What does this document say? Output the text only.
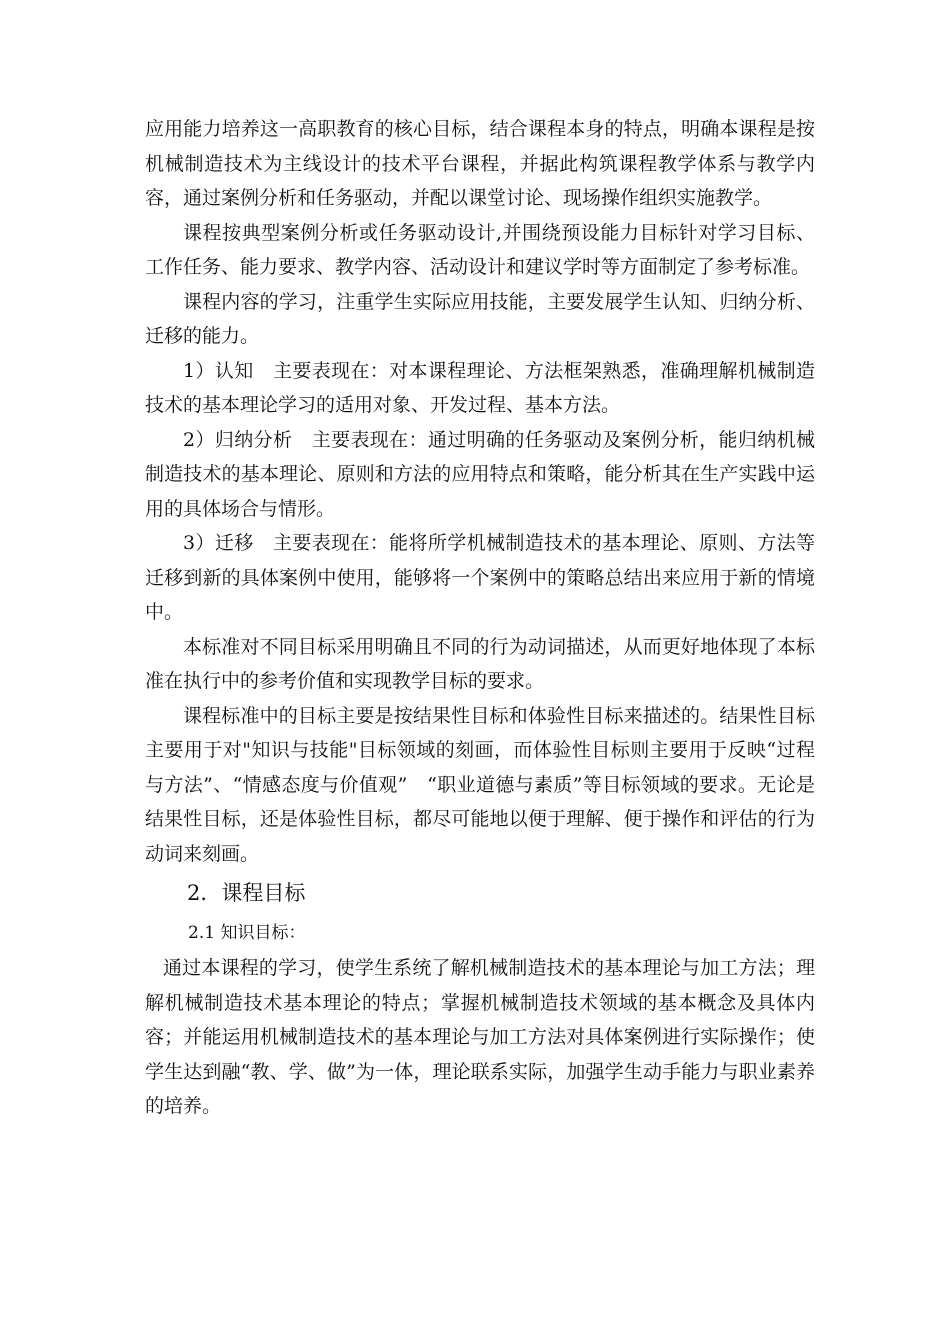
应用能力培养这一高职教育的核心目标，结合课程本身的特点，明确本课程是按机械制造技术为主线设计的技术平台课程，并据此构筑课程教学体系与教学内容，通过案例分析和任务驱动，并配以课堂讨论、现场操作组织实施教学。

课程按典型案例分析或任务驱动设计,并围绕预设能力目标针对学习目标、工作任务、能力要求、教学内容、活动设计和建议学时等方面制定了参考标准。

课程内容的学习，注重学生实际应用技能，主要发展学生认知、归纳分析、迁移的能力。

1）认知　主要表现在：对本课程理论、方法框架熟悉，准确理解机械制造技术的基本理论学习的适用对象、开发过程、基本方法。

2）归纳分析　主要表现在：通过明确的任务驱动及案例分析，能归纳机械制造技术的基本理论、原则和方法的应用特点和策略，能分析其在生产实践中运用的具体场合与情形。

3）迁移　主要表现在：能将所学机械制造技术的基本理论、原则、方法等迁移到新的具体案例中使用，能够将一个案例中的策略总结出来应用于新的情境中。

本标准对不同目标采用明确且不同的行为动词描述，从而更好地体现了本标准在执行中的参考价值和实现教学目标的要求。

课程标准中的目标主要是按结果性目标和体验性目标来描述的。结果性目标主要用于对"知识与技能"目标领域的刻画，而体验性目标则主要用于反映“过程与方法”、“情感态度与价值观”　“职业道德与素质”等目标领域的要求。无论是结果性目标，还是体验性目标，都尽可能地以便于理解、便于操作和评估的行为动词来刻画。

2．课程目标
2.1 知识目标：

通过本课程的学习，使学生系统了解机械制造技术的基本理论与加工方法；理解机械制造技术基本理论的特点；掌握机械制造技术领域的基本概念及具体内容；并能运用机械制造技术的基本理论与加工方法对具体案例进行实际操作；使学生达到融“教、学、做”为一体，理论联系实际，加强学生动手能力与职业素养的培养。
